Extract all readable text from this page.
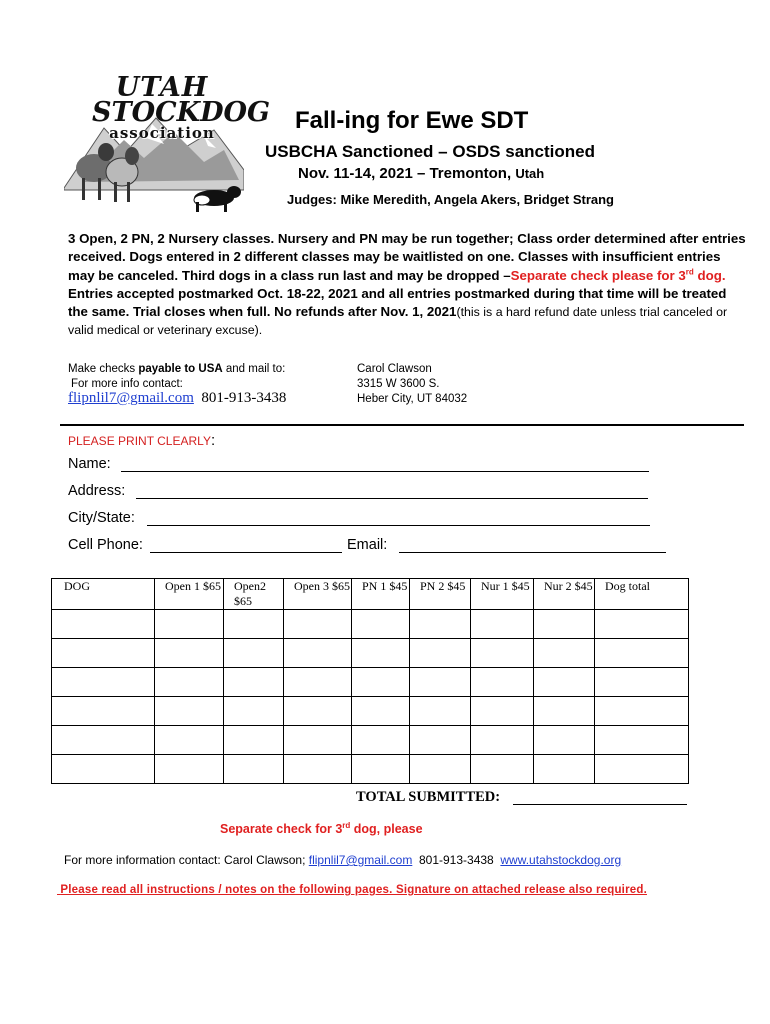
UTAH
STOCKDOG
association	Fall-ing for Ewe SDT
USBCHA Sanctioned – OSDS sanctioned
Nov. 11-14, 2021 – Tremonton, Utah
Judges: Mike Meredith, Angela Akers, Bridget Strang
3 Open, 2 PN, 2 Nursery classes. Nursery and PN may be run together; Class order determined after entries received. Dogs entered in 2 different classes may be waitlisted on one. Classes with insufficient entries may be canceled. Third dogs in a class run last and may be dropped –Separate check please for 3rd dog. Entries accepted postmarked Oct. 18-22, 2021 and all entries postmarked during that time will be treated the same. Trial closes when full. No refunds after Nov. 1, 2021(this is a hard refund date unless trial canceled or valid medical or veterinary excuse).
Make checks payable to USA and mail to:
For more info contact:
flipnlil7@gmail.com 801-913-3438
Carol Clawson
3315 W 3600 S.
Heber City, UT 84032
PLEASE PRINT CLEARLY:
Name:
Address:
City/State:
Cell Phone:	Email:
DOG	Open 1 $65	Open2 $65	Open 3 $65	PN 1 $45	PN 2 $45	Nur 1 $45	Nur 2 $45	Dog total

TOTAL SUBMITTED:
Separate check for 3rd dog, please
For more information contact: Carol Clawson; flipnlil7@gmail.com 801-913-3438 www.utahstockdog.org
Please read all instructions / notes on the following pages. Signature on attached release also required.
